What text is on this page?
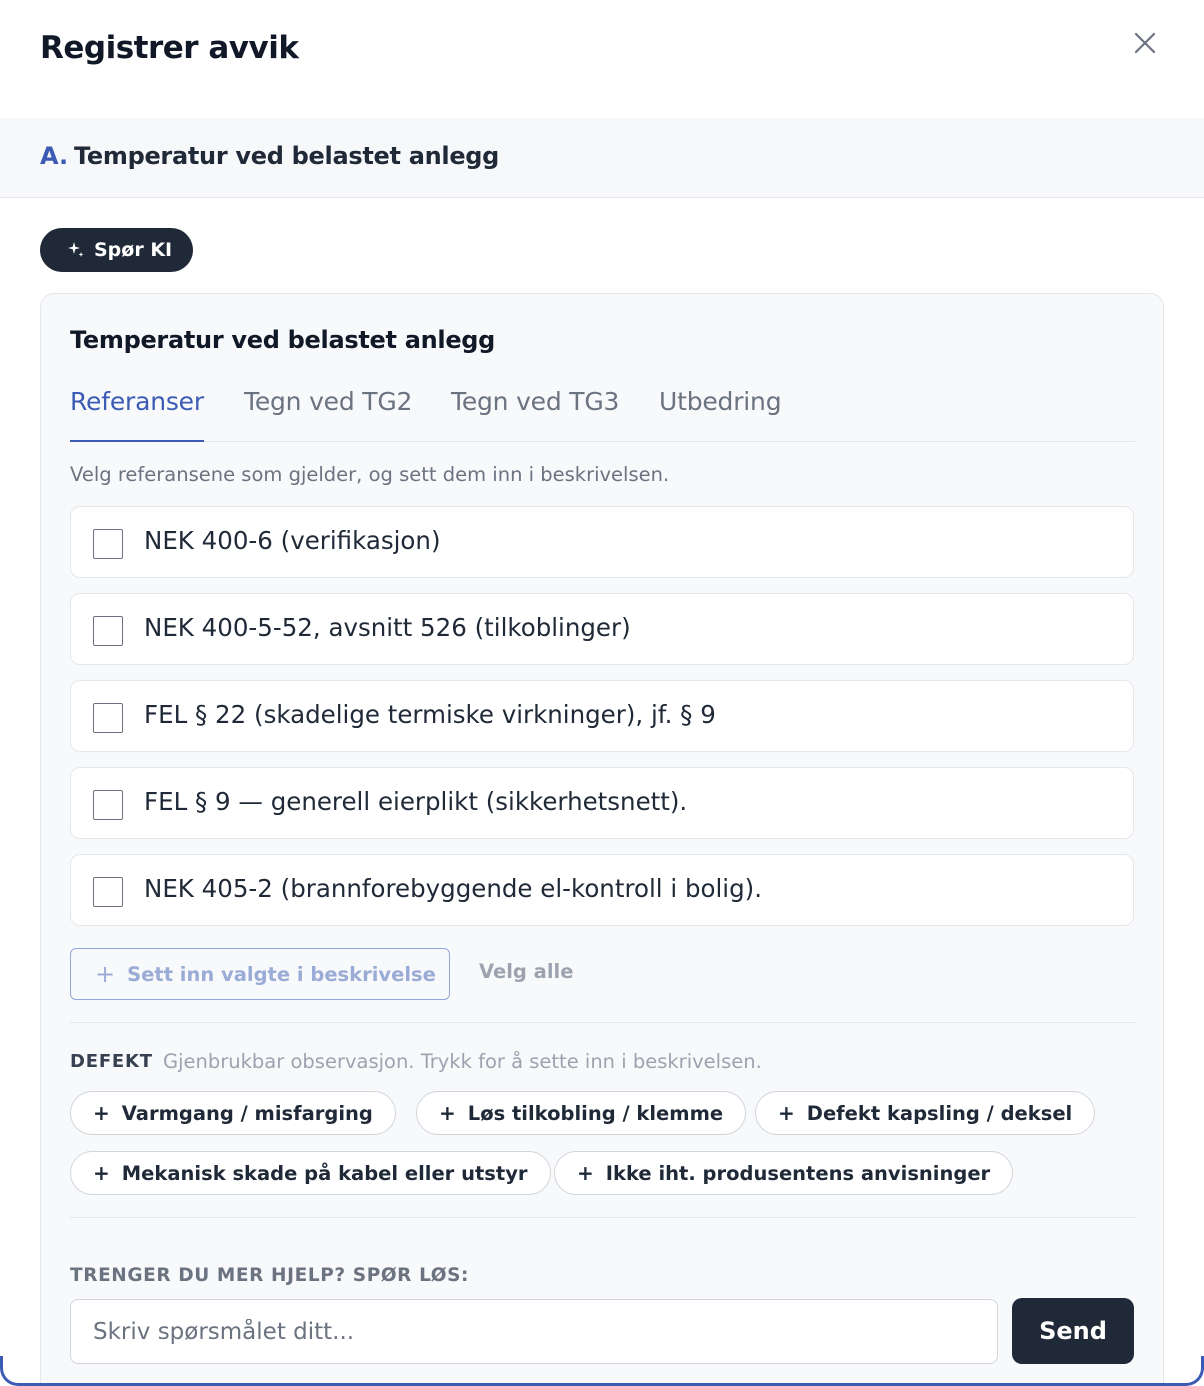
Registrer avvik
A. Temperatur ved belastet anlegg
Spør KI
Temperatur ved belastet anlegg
Referanser Tegn ved TG2 Tegn ved TG3 Utbedring
Velg referansene som gjelder, og sett dem inn i beskrivelsen.
NEK 400-6 (verifikasjon)
NEK 400-5-52, avsnitt 526 (tilkoblinger)
FEL § 22 (skadelige termiske virkninger), jf. § 9
FEL § 9 — generell eierplikt (sikkerhetsnett).
NEK 405-2 (brannforebyggende el-kontroll i bolig).
+ Sett inn valgte i beskrivelse Velg alle
DEFEKT Gjenbrukbar observasjon. Trykk for å sette inn i beskrivelsen.
+ Varmgang / misfarging	+ Løs tilkobling / klemme	+ Defekt kapsling / deksel
+ Mekanisk skade på kabel eller utstyr + Ikke iht. produsentens anvisninger
TRENGER DU MER HJELP? SPØR LØS:
Skriv spørsmålet ditt...
Send
